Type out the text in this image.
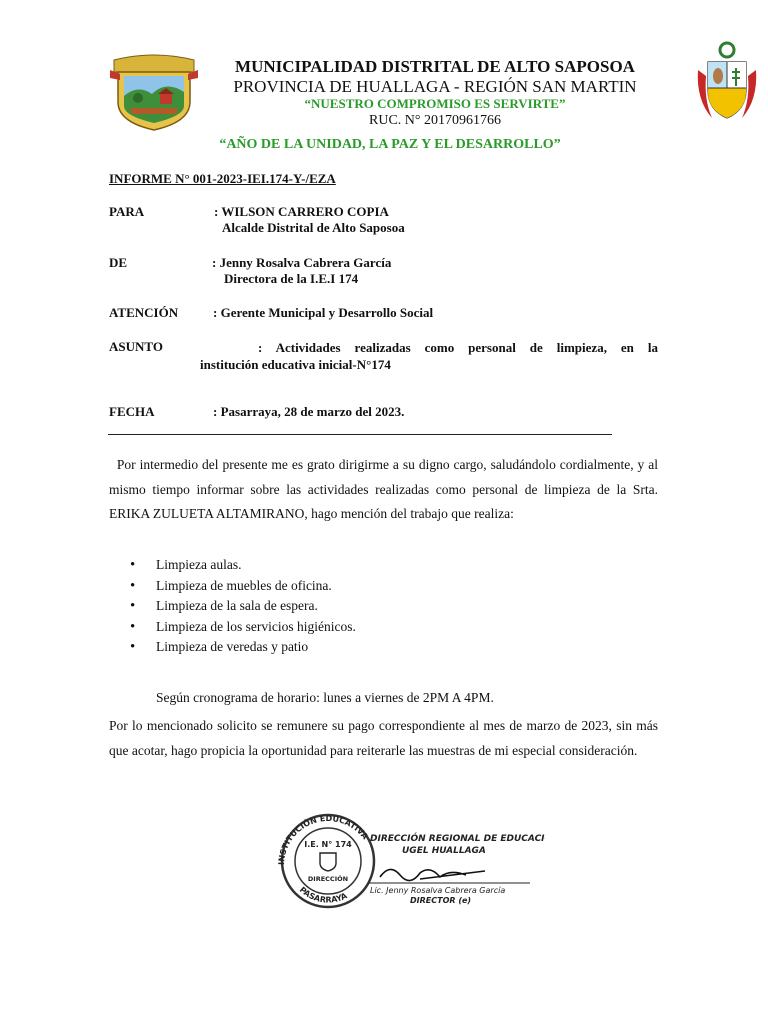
MUNICIPALIDAD DISTRITAL DE ALTO SAPOSOA
PROVINCIA DE HUALLAGA - REGIÓN SAN MARTIN
“NUESTRO COMPROMISO ES SERVIRTE”
RUC. N° 20170961766
“AÑO DE LA UNIDAD, LA PAZ Y EL DESARROLLO”
INFORME N° 001-2023-IEI.174-Y-/EZA
PARA	: WILSON CARRERO COPIA
Alcalde Distrital de Alto Saposoa
DE	: Jenny Rosalva Cabrera García
Directora de la I.E.I 174
ATENCIÓN	: Gerente Municipal y Desarrollo Social
ASUNTO	: Actividades realizadas como personal de limpieza, en la
institución educativa inicial-N°174
FECHA	: Pasarraya, 28 de marzo del 2023.
Por intermedio del presente me es grato dirigirme a su digno cargo, saludándolo cordialmente, y al mismo tiempo informar sobre las actividades realizadas como personal de limpieza de la Srta. ERIKA ZULUETA ALTAMIRANO, hago mención del trabajo que realiza:
• Limpieza aulas.
• Limpieza de muebles de oficina.
• Limpieza de la sala de espera.
• Limpieza de los servicios higiénicos.
• Limpieza de veredas y patio
Según cronograma de horario: lunes a viernes de 2PM A 4PM.
Por lo mencionado solicito se remunere su pago correspondiente al mes de marzo de 2023, sin más que acotar, hago propicia la oportunidad para reiterarle las muestras de mi especial consideración.
INSTITUCIÓN EDUCATIVA
PASARRAYA
I.E. N° 174
DIRECCIÓN
DIRECCIÓN REGIONAL DE EDUCACIÓN
UGEL HUALLAGA
Lic. Jenny Rosalva Cabrera García
DIRECTOR (e)
